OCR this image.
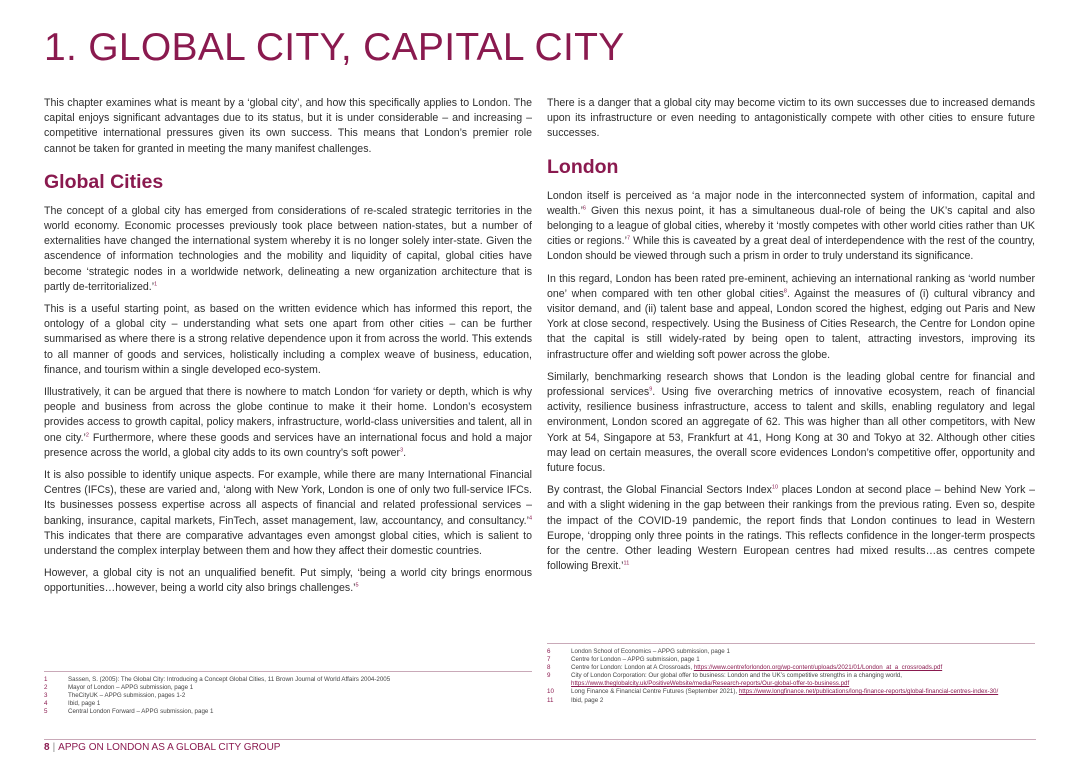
1. GLOBAL CITY, CAPITAL CITY

This chapter examines what is meant by a ‘global city’, and how this specifically applies to London. The capital enjoys significant advantages due to its status, but it is under considerable – and increasing – competitive international pressures given its own success. This means that London’s premier role cannot be taken for granted in meeting the many manifest challenges.

Global Cities

The concept of a global city has emerged from considerations of re-scaled strategic territories in the world economy. Economic processes previously took place between nation-states, but a number of externalities have changed the international system whereby it is no longer solely inter-state. Given the ascendence of information technologies and the mobility and liquidity of capital, global cities have become ‘strategic nodes in a worldwide network, delineating a new organization architecture that is partly de-territorialized.’$^1$

This is a useful starting point, as based on the written evidence which has informed this report, the ontology of a global city – understanding what sets one apart from other cities – can be further summarised as where there is a strong relative dependence upon it from across the world. This extends to all manner of goods and services, holistically including a complex weave of business, education, finance, and tourism within a single developed eco-system.

Illustratively, it can be argued that there is nowhere to match London ‘for variety or depth, which is why people and business from across the globe continue to make it their home. London’s ecosystem provides access to growth capital, policy makers, infrastructure, world-class universities and talent, all in one city.’$^2$ Furthermore, where these goods and services have an international focus and hold a major presence across the world, a global city adds to its own country’s soft power$^3$.

It is also possible to identify unique aspects. For example, while there are many International Financial Centres (IFCs), these are varied and, ‘along with New York, London is one of only two full-service IFCs. Its businesses possess expertise across all aspects of financial and related professional services – banking, insurance, capital markets, FinTech, asset management, law, accountancy, and consultancy.’$^4$ This indicates that there are comparative advantages even amongst global cities, which is salient to understand the complex interplay between them and how they affect their domestic countries.

However, a global city is not an unqualified benefit. Put simply, ‘being a world city brings enormous opportunities…however, being a world city also brings challenges.’$^5$

There is a danger that a global city may become victim to its own successes due to increased demands upon its infrastructure or even needing to antagonistically compete with other cities to ensure future successes.

London

London itself is perceived as ‘a major node in the interconnected system of information, capital and wealth.’$^6$ Given this nexus point, it has a simultaneous dual-role of being the UK’s capital and also belonging to a league of global cities, whereby it ‘mostly competes with other world cities rather than UK cities or regions.’$^7$ While this is caveated by a great deal of interdependence with the rest of the country, London should be viewed through such a prism in order to truly understand its significance.

In this regard, London has been rated pre-eminent, achieving an international ranking as ‘world number one’ when compared with ten other global cities$^8$. Against the measures of (i) cultural vibrancy and visitor demand, and (ii) talent base and appeal, London scored the highest, edging out Paris and New York at close second, respectively. Using the Business of Cities Research, the Centre for London opine that the capital is still widely-rated by being open to talent, attracting investors, improving its infrastructure offer and wielding soft power across the globe.

Similarly, benchmarking research shows that London is the leading global centre for financial and professional services$^9$. Using five overarching metrics of innovative ecosystem, reach of financial activity, resilience business infrastructure, access to talent and skills, enabling regulatory and legal environment, London scored an aggregate of 62. This was higher than all other competitors, with New York at 54, Singapore at 53, Frankfurt at 41, Hong Kong at 30 and Tokyo at 32. Although other cities may lead on certain measures, the overall score evidences London’s competitive offer, opportunity and future focus.

By contrast, the Global Financial Sectors Index$^{10}$ places London at second place – behind New York – and with a slight widening in the gap between their rankings from the previous rating. Even so, despite the impact of the COVID-19 pandemic, the report finds that London continues to lead in Western Europe, ‘dropping only three points in the ratings. This reflects confidence in the longer-term prospects for the centre. Other leading Western European centres had mixed results…as centres compete following Brexit.’$^{11}$

1	Sassen, S. (2005): The Global City: Introducing a Concept Global Cities, 11 Brown Journal of World Affairs 2004-2005
2	Mayor of London – APPG submission, page 1
3	TheCityUK – APPG submission, pages 1-2
4	Ibid, page 1
5	Central London Forward – APPG submission, page 1
6	London School of Economics – APPG submission, page 1
7	Centre for London – APPG submission, page 1
8	Centre for London: London at A Crossroads, https://www.centreforlondon.org/wp-content/uploads/2021/01/London_at_a_crossroads.pdf
9	City of London Corporation: Our global offer to business: London and the UK’s competitive strengths in a changing world, https://www.theglobalcity.uk/PositiveWebsite/media/Research-reports/Our-global-offer-to-business.pdf
10	Long Finance & Financial Centre Futures (September 2021), https://www.longfinance.net/publications/long-finance-reports/global-financial-centres-index-30/
11	Ibid, page 2
8 | APPG ON LONDON AS A GLOBAL CITY GROUP
